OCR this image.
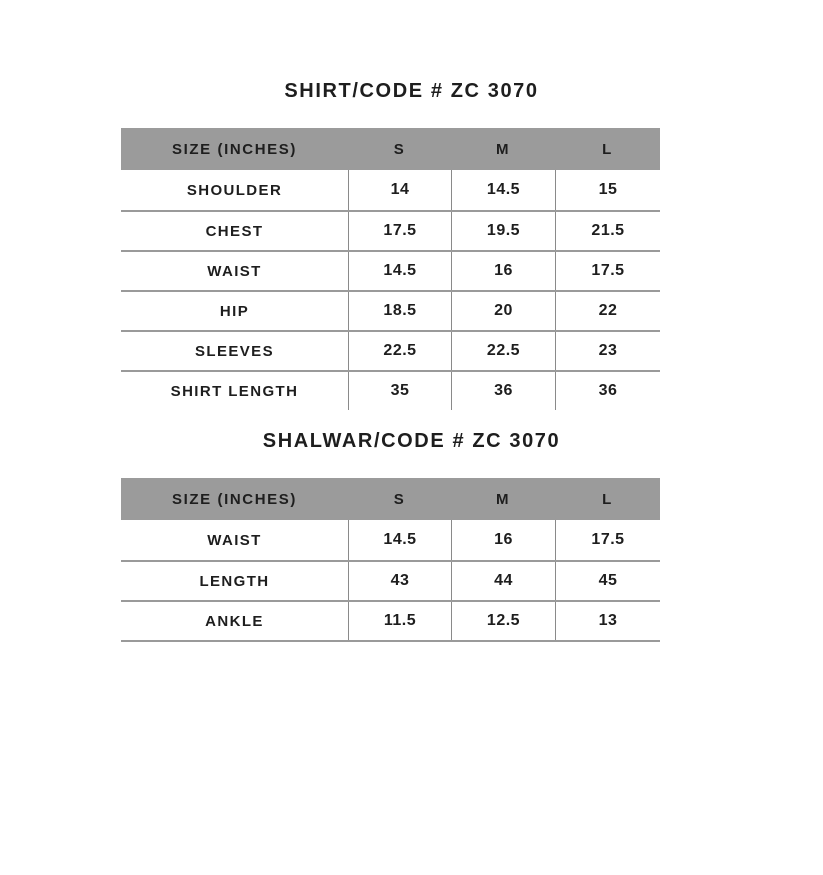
SHIRT/CODE # ZC 3070
SIZE (INCHES)	S	M	L
SHOULDER	14	14.5	15
CHEST	17.5	19.5	21.5
WAIST	14.5	16	17.5
HIP	18.5	20	22
SLEEVES	22.5	22.5	23
SHIRT LENGTH	35	36	36
SHALWAR/CODE # ZC 3070
SIZE (INCHES)	S	M	L
WAIST	14.5	16	17.5
LENGTH	43	44	45
ANKLE	11.5	12.5	13
